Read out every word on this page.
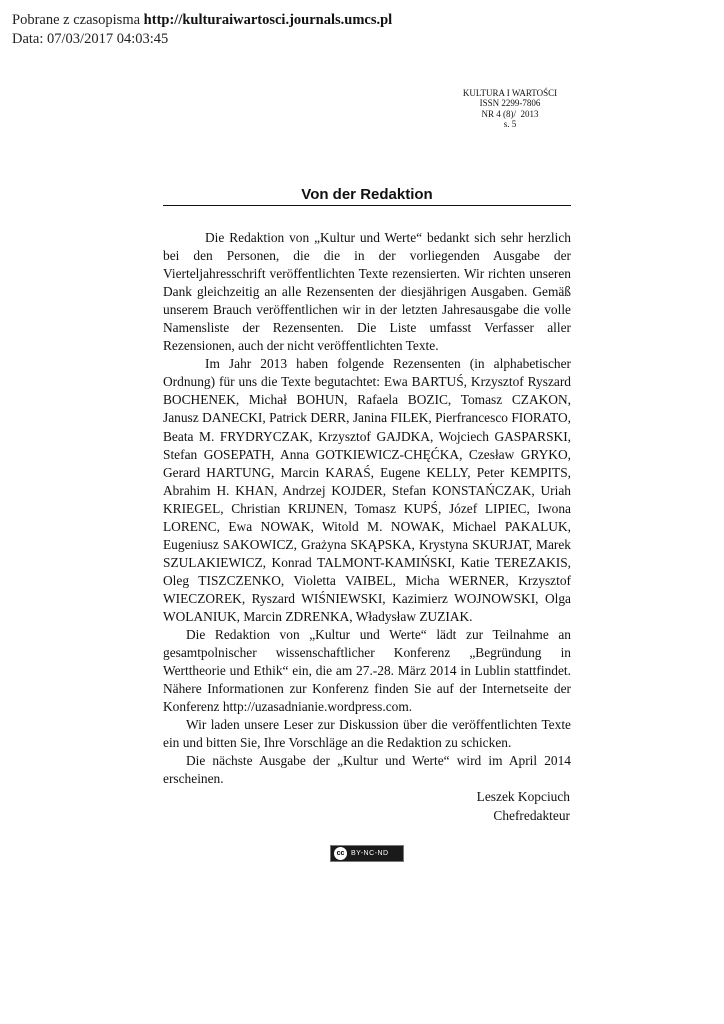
Pobrane z czasopisma http://kulturaiwartosci.journals.umcs.pl
Data: 07/03/2017 04:03:45
KULTURA I WARTOŚCI
ISSN 2299-7806
NR 4 (8)/  2013
s. 5
Von der Redaktion

Die Redaktion von „Kultur und Werte“ bedankt sich sehr herzlich bei den Personen, die die in der vorliegenden Ausgabe der Vierteljahresschrift veröffentlichten Texte rezensierten. Wir richten unseren Dank gleichzeitig an alle Rezensenten der diesjährigen Ausgaben. Gemäß unserem Brauch veröffentlichen wir in der letzten Jahresausgabe die volle Namensliste der Rezensenten. Die Liste umfasst Verfasser aller Rezensionen, auch der nicht veröffentlichten Texte.

Im Jahr 2013 haben folgende Rezensenten (in alphabetischer Ordnung) für uns die Texte begutachtet: Ewa BARTUŚ, Krzysztof Ryszard BOCHENEK, Michał BOHUN, Rafaela BOZIC, Tomasz CZAKON, Janusz DANECKI, Patrick DERR, Janina FILEK, Pierfrancesco FIORATO, Beata M. FRYDRYCZAK, Krzysztof GAJDKA, Wojciech GASPARSKI, Stefan GOSEPATH, Anna GOTKIEWICZ-CHĘĆKA, Czesław GRYKO, Gerard HARTUNG, Marcin KARAŚ, Eugene KELLY, Peter KEMPITS, Abrahim H. KHAN, Andrzej KOJDER, Stefan KONSTAŃCZAK, Uriah KRIEGEL, Christian KRIJNEN, Tomasz KUPŚ, Józef LIPIEC, Iwona LORENC, Ewa NOWAK, Witold M. NOWAK, Michael PAKALUK, Eugeniusz SAKOWICZ, Grażyna SKĄPSKA, Krystyna SKURJAT, Marek SZULAKIEWICZ, Konrad TALMONT-KAMIŃSKI, Katie TEREZAKIS, Oleg TISZCZENKO, Violetta VAIBEL, Micha WERNER, Krzysztof WIECZOREK, Ryszard WIŚNIEWSKI, Kazimierz WOJNOWSKI, Olga WOLANIUK, Marcin ZDRENKA, Władysław ZUZIAK.

Die Redaktion von „Kultur und Werte“ lädt zur Teilnahme an gesamtpolnischer wissenschaftlicher Konferenz „Begründung in Werttheorie und Ethik“ ein, die am 27.-28. März 2014 in Lublin stattfindet. Nähere Informationen zur Konferenz finden Sie auf der Internetseite der Konferenz http://uzasadnianie.wordpress.com.

Wir laden unsere Leser zur Diskussion über die veröffentlichten Texte ein und bitten Sie, Ihre Vorschläge an die Redaktion zu schicken.

Die nächste Ausgabe der „Kultur und Werte“ wird im April 2014 erscheinen.

Leszek Kopciuch
Chefredakteur
cc BY-NC-ND
